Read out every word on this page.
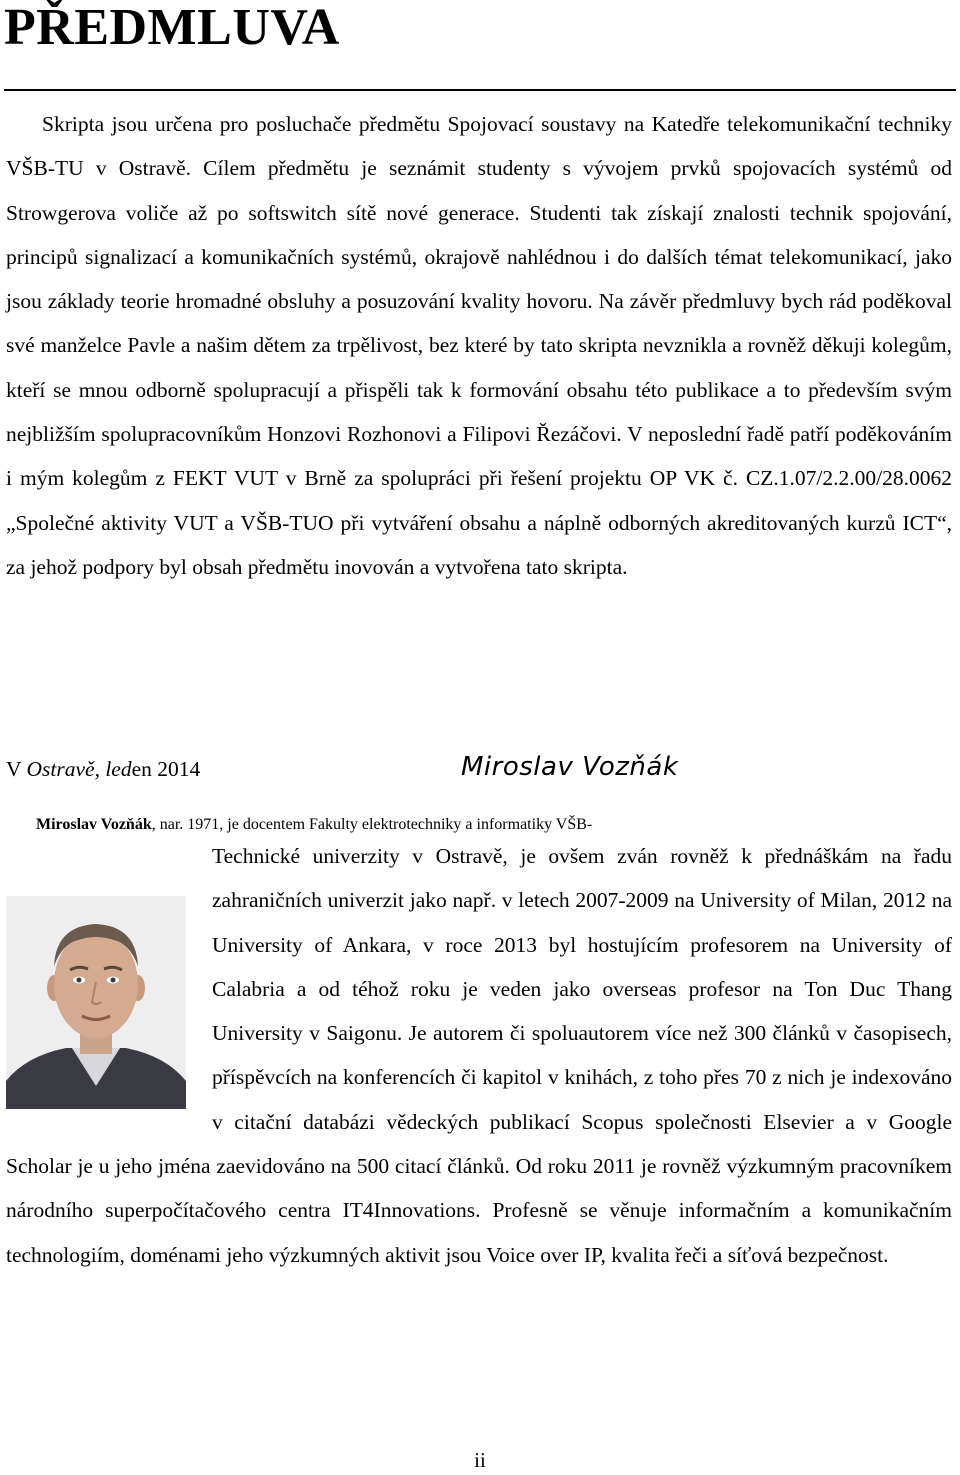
PŘEDMLUVA

Skripta jsou určena pro posluchače předmětu Spojovací soustavy na Katedře telekomunikační techniky VŠB-TU v Ostravě. Cílem předmětu je seznámit studenty s vývojem prvků spojovacích systémů od Strowgerova voliče až po softswitch sítě nové generace. Studenti tak získají znalosti technik spojování, principů signalizací a komunikačních systémů, okrajově nahlédnou i do dalších témat telekomunikací, jako jsou základy teorie hromadné obsluhy a posuzování kvality hovoru. Na závěr předmluvy bych rád poděkoval své manželce Pavle a našim dětem za trpělivost, bez které by tato skripta nevznikla a rovněž děkuji kolegům, kteří se mnou odborně spolupracují a přispěli tak k formování obsahu této publikace a to především svým nejbližším spolupracovníkům Honzovi Rozhonovi a Filipovi Řezáčovi. V neposlední řadě patří poděkováním i mým kolegům z FEKT VUT v Brně za spolupráci při řešení projektu OP VK č. CZ.1.07/2.2.00/28.0062 „Společné aktivity VUT a VŠB-TUO při vytváření obsahu a náplně odborných akreditovaných kurzů ICT“, za jehož podpory byl obsah předmětu inovován a vytvořena tato skripta.

V Ostravě, leden 2014	Miroslav Vozňák
Miroslav Vozňák, nar. 1971, je docentem Fakulty elektrotechniky a informatiky VŠB-

Technické univerzity v Ostravě, je ovšem zván rovněž k přednáškám na řadu zahraničních univerzit jako např. v letech 2007-2009 na University of Milan, 2012 na University of Ankara, v roce 2013 byl hostujícím profesorem na University of Calabria a od téhož roku je veden jako overseas profesor na Ton Duc Thang University v Saigonu. Je autorem či spoluautorem více než 300 článků v časopisech, příspěvcích na konferencích či kapitol v knihách, z toho přes 70 z nich je indexováno v citační databázi vědeckých publikací Scopus společnosti Elsevier a v Google Scholar je u jeho jména zaevidováno na 500 citací článků. Od roku 2011 je rovněž výzkumným pracovníkem národního superpočítačového centra IT4Innovations. Profesně se věnuje informačním a komunikačním technologiím, doménami jeho výzkumných aktivit jsou Voice over IP, kvalita řeči a síťová bezpečnost.

ii
